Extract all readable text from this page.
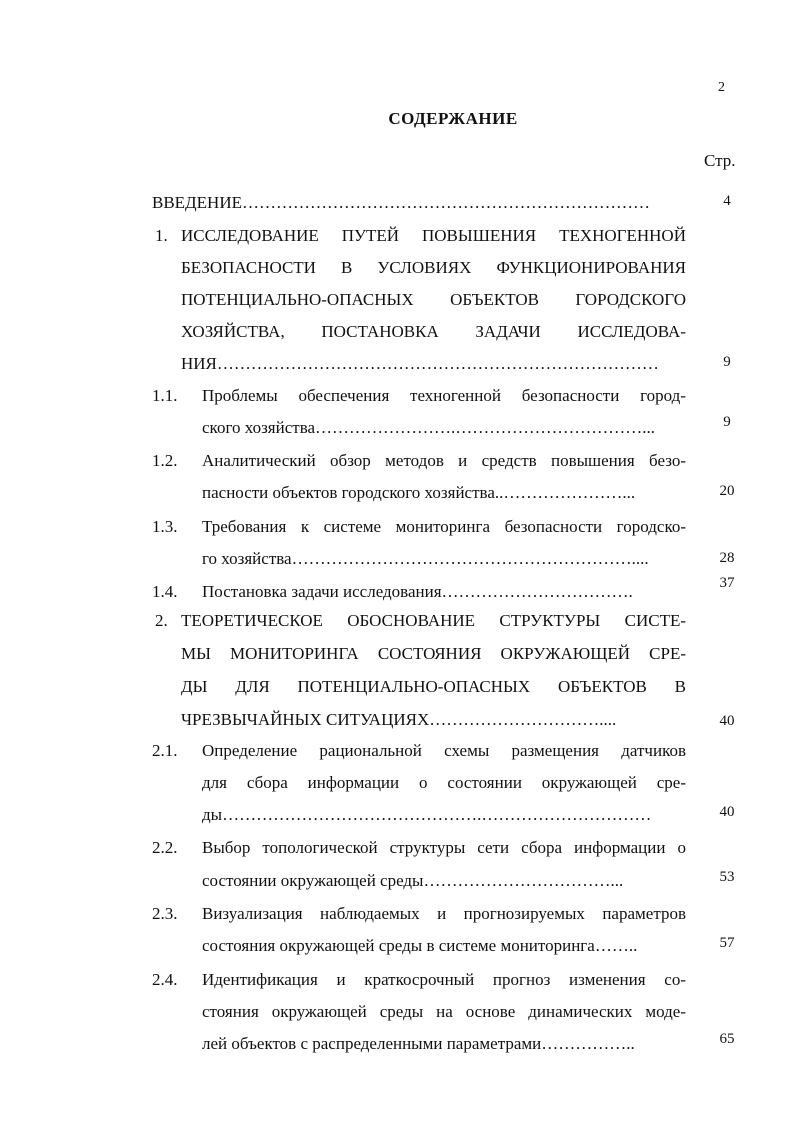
2
СОДЕРЖАНИЕ
Стр.
ВВЕДЕНИЕ………………………………………………………………	4
1. ИССЛЕДОВАНИЕ ПУТЕЙ ПОВЫШЕНИЯ ТЕХНОГЕННОЙ
БЕЗОПАСНОСТИ В УСЛОВИЯХ ФУНКЦИОНИРОВАНИЯ
ПОТЕНЦИАЛЬНО-ОПАСНЫХ ОБЪЕКТОВ ГОРОДСКОГО
ХОЗЯЙСТВА, ПОСТАНОВКА ЗАДАЧИ ИССЛЕДОВА-
НИЯ……………………………………………………………………	9
1.1. Проблемы обеспечения техногенной безопасности город-
ского хозяйства…………………….……………………………...	9
1.2. Аналитический обзор методов и средств повышения безо-
пасности объектов городского хозяйства..…………………...	20
1.3. Требования к системе мониторинга безопасности городско-
го хозяйства……………………………………………………....	28
1.4. Постановка задачи исследования…………………………….	37
2. ТЕОРЕТИЧЕСКОЕ ОБОСНОВАНИЕ СТРУКТУРЫ СИСТЕ-
МЫ МОНИТОРИНГА СОСТОЯНИЯ ОКРУЖАЮЩЕЙ СРЕ-
ДЫ ДЛЯ ПОТЕНЦИАЛЬНО-ОПАСНЫХ ОБЪЕКТОВ В
ЧРЕЗВЫЧАЙНЫХ СИТУАЦИЯХ…………………………....	40
2.1. Определение рациональной схемы размещения датчиков
для сбора информации о состоянии окружающей сре-
ды……………………………………….…………………………	40
2.2. Выбор топологической структуры сети сбора информации о
состоянии окружающей среды……………………………...	53
2.3. Визуализация наблюдаемых и прогнозируемых параметров
состояния окружающей среды в системе мониторинга……..	57
2.4. Идентификация и краткосрочный прогноз изменения со-
стояния окружающей среды на основе динамических моде-
лей объектов с распределенными параметрами……………..	65
